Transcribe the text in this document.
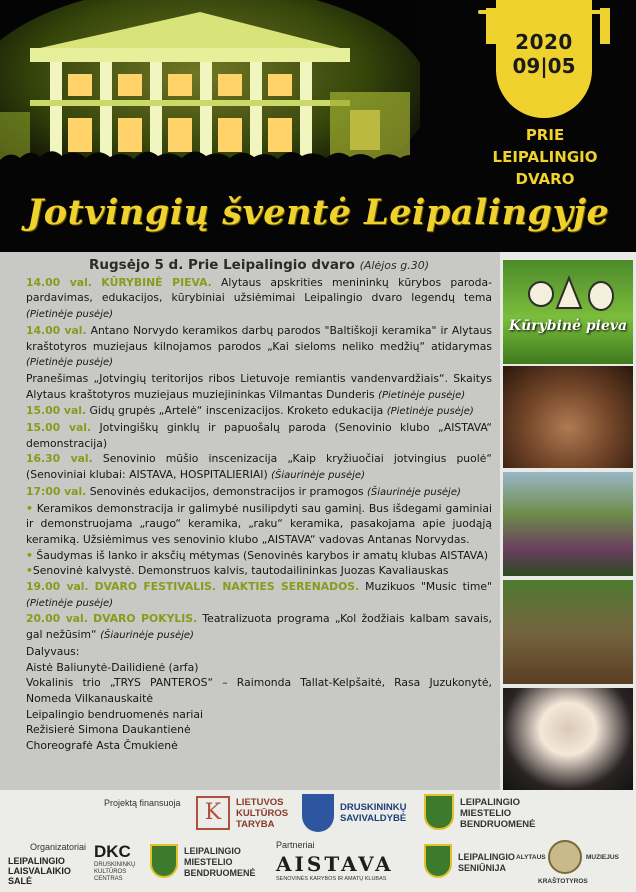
2020
09|05
PRIE
LEIPALINGIO
DVARO
Jotvingių šventė Leipalingyje

Rugsėjo 5 d. Prie Leipalingio dvaro (Alėjos g.30)

14.00 val. KŪRYBINĖ PIEVA. Alytaus apskrities menininkų kūrybos paroda-pardavimas, edukacijos, kūrybiniai užsiėmimai Leipalingio dvaro legendų tema (Pietinėje pusėje)

14.00 val. Antano Norvydo keramikos darbų parodos "Baltiškoji keramika" ir Alytaus kraštotyros muziejaus kilnojamos parodos „Kai sieloms neliko medžių“ atidarymas (Pietinėje pusėje)

Pranešimas „Jotvingių teritorijos ribos Lietuvoje remiantis vandenvardžiais“. Skaitys Alytaus kraštotyros muziejaus muziejininkas Vilmantas Dunderis (Pietinėje pusėje)

15.00 val. Gidų grupės „Artelė“ inscenizacijos. Kroketo edukacija (Pietinėje pusėje)

15.00 val. Jotvingiškų ginklų ir papuošalų paroda (Senovinio klubo „AISTAVA“ demonstracija)

16.30 val. Senovinio mūšio inscenizacija „Kaip kryžiuočiai jotvingius puolė“ (Senoviniai klubai: AISTAVA, HOSPITALIERIAI) (Šiaurinėje pusėje)

17:00 val. Senovinės edukacijos, demonstracijos ir pramogos (Šiaurinėje pusėje)

• Keramikos demonstracija ir galimybė nusilipdyti sau gaminį. Bus išdegami gaminiai ir demonstruojama „raugo“ keramika, „raku“ keramika, pasakojama apie juodąją keramiką. Užsiėmimus ves senovinio klubo „AISTAVA“ vadovas Antanas Norvydas.

• Šaudymas iš lanko ir aksčių mėtymas (Senovinės karybos ir amatų klubas AISTAVA)

•Senovinė kalvystė. Demonstruos kalvis, tautodailininkas Juozas Kavaliauskas

19.00 val. DVARO FESTIVALIS. NAKTIES SERENADOS. Muzikuos "Music time" (Pietinėje pusėje)

20.00 val. DVARO POKYLIS. Teatralizuota programa „Kol žodžiais kalbam savais, gal nežūsim“ (Šiaurinėje pusėje)

Dalyvaus:

Aistė Baliunytė-Dailidienė (arfa)

Vokalinis trio „TRYS PANTEROS“ – Raimonda Tallat-Kelpšaitė, Rasa Juzukonytė, Nomeda Vilkanauskaitė

Leipalingio bendruomenės nariai

Režisierė Simona Daukantienė

Choreografė Asta Čmukienė

Kūrybinė pieva
Projektą finansuoja	K	LIETUVOS
KULTŪROS
TARYBA
DRUSKININKŲ
SAVIVALDYBĖ
LEIPALINGIO
MIESTELIO
BENDRUOMENĖ
Organizatoriai
LEIPALINGIO
LAISVALAIKIO
SALĖ
DKC
DRUSKININKŲ
KULTŪROS
CENTRAS
LEIPALINGIO
MIESTELIO
BENDRUOMENĖ
Partneriai
AISTAVA
SENOVINĖS KARYBOS IR AMATŲ KLUBAS
LEIPALINGIO
SENIŪNIJA
ALYTAUS	MUZIEJUS
KRAŠTOTYROS
